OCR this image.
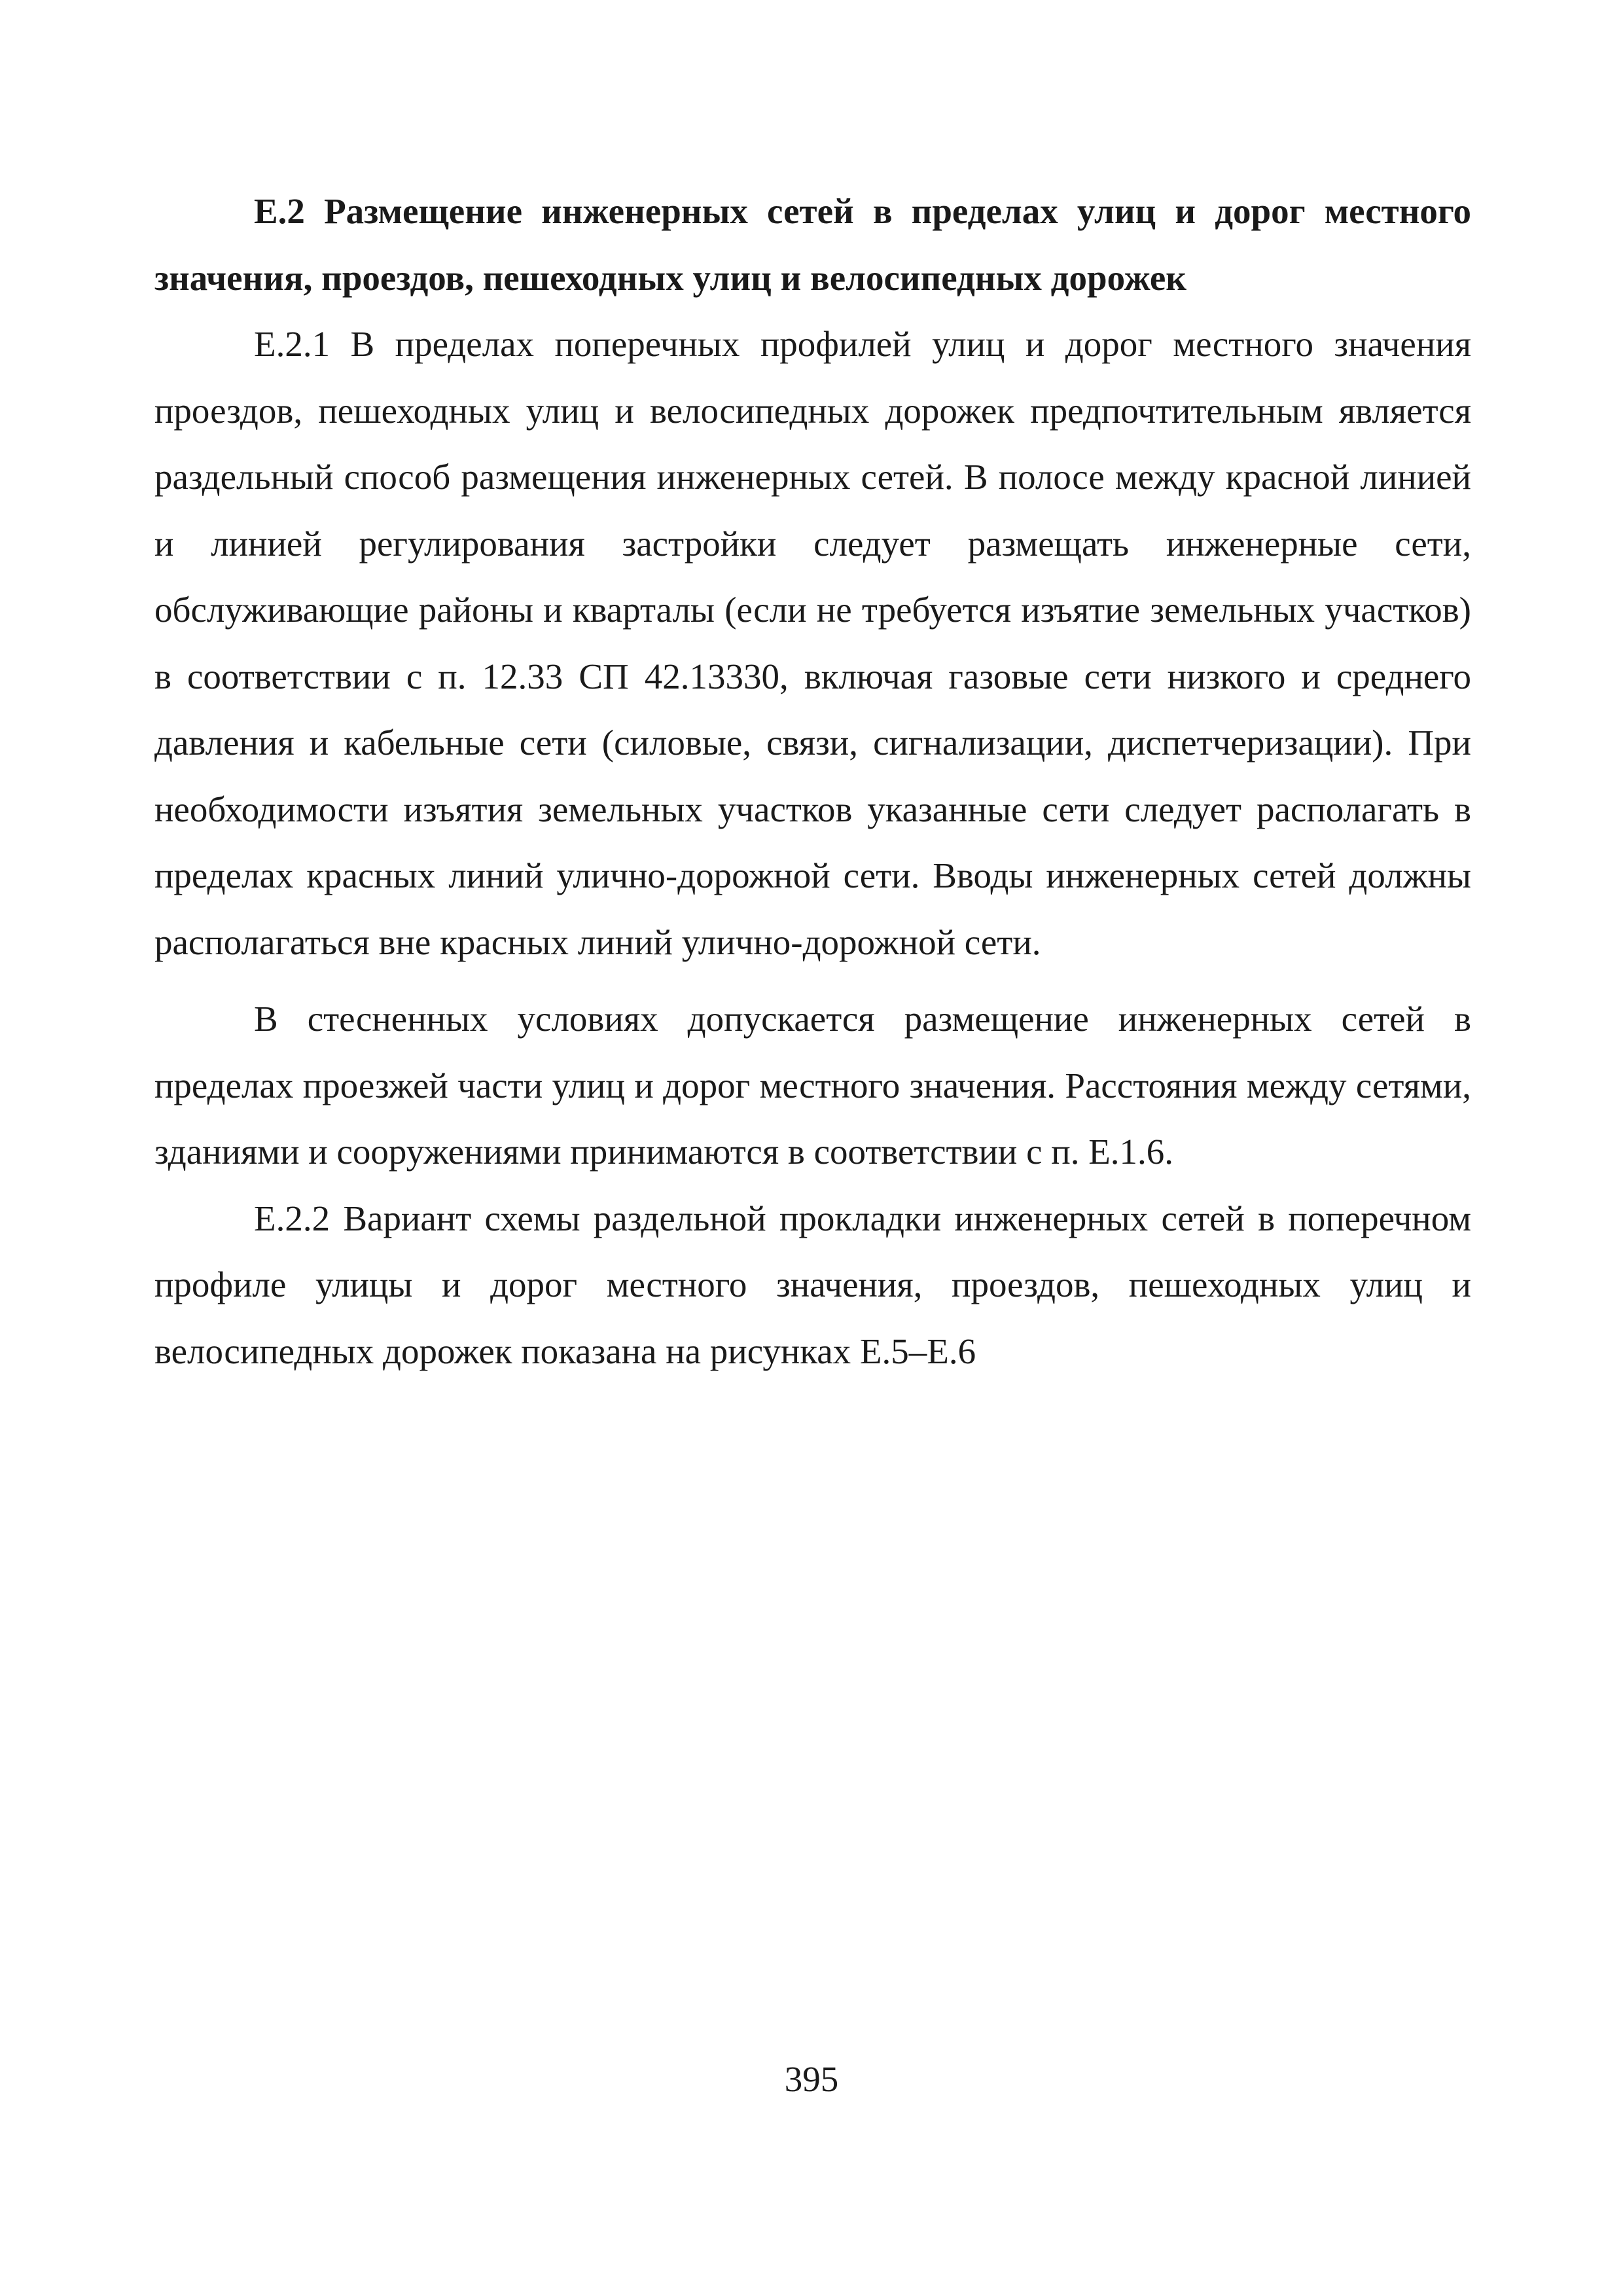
Е.2 Размещение инженерных сетей в пределах улиц и дорог местного значения, проездов, пешеходных улиц и велосипедных дорожек

Е.2.1 В пределах поперечных профилей улиц и дорог местного значения проездов, пешеходных улиц и велосипедных дорожек предпочтительным является раздельный способ размещения инженерных сетей. В полосе между красной линией и линией регулирования застройки следует размещать инженерные сети, обслуживающие районы и кварталы (если не требуется изъятие земельных участков) в соответствии с п. 12.33 СП 42.13330, включая газовые сети низкого и среднего давления и кабельные сети (силовые, связи, сигнализации, диспетчеризации). При необходимости изъятия земельных участков указанные сети следует располагать в пределах красных линий улично-дорожной сети. Вводы инженерных сетей должны располагаться вне красных линий улично-дорожной сети.

В стесненных условиях допускается размещение инженерных сетей в пределах проезжей части улиц и дорог местного значения. Расстояния между сетями, зданиями и сооружениями принимаются в соответствии с п. Е.1.6.

Е.2.2 Вариант схемы раздельной прокладки инженерных сетей в поперечном профиле улицы и дорог местного значения, проездов, пешеходных улиц и велосипедных дорожек показана на рисунках Е.5–Е.6

395
